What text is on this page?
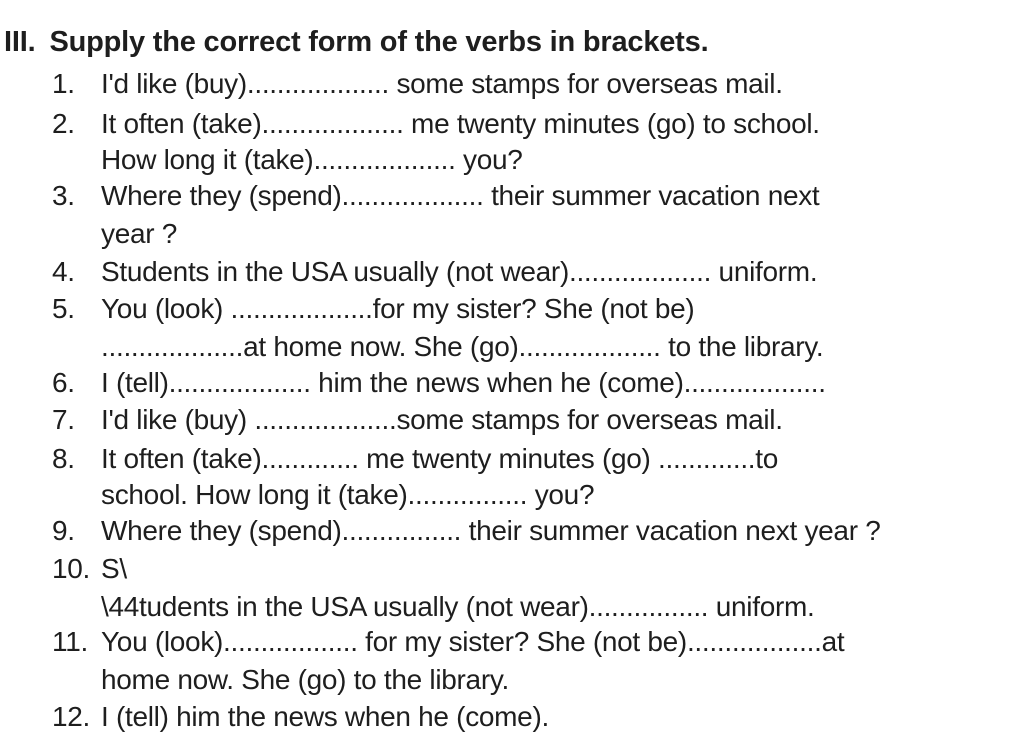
III. Supply the correct form of the verbs in brackets.
1. I'd like (buy)................... some stamps for overseas mail.
2. It often (take)................... me twenty minutes (go) to school.
How long it (take)................... you?
3. Where they (spend)................... their summer vacation next
year ?
4. Students in the USA usually (not wear)................... uniform.
5. You (look) ...................for my sister? She (not be)
...................at home now. She (go)................... to the library.
6. I (tell)................... him the news when he (come)...................
7. I'd like (buy) ...................some stamps for overseas mail.
8. It often (take)............. me twenty minutes (go) .............to
school. How long it (take)................ you?
9. Where they (spend)................ their summer vacation next year ?
10. S\
\44tudents in the USA usually (not wear)................ uniform.
11. You (look).................. for my sister? She (not be)..................at
home now. She (go) to the library.
12. I (tell) him the news when he (come).
